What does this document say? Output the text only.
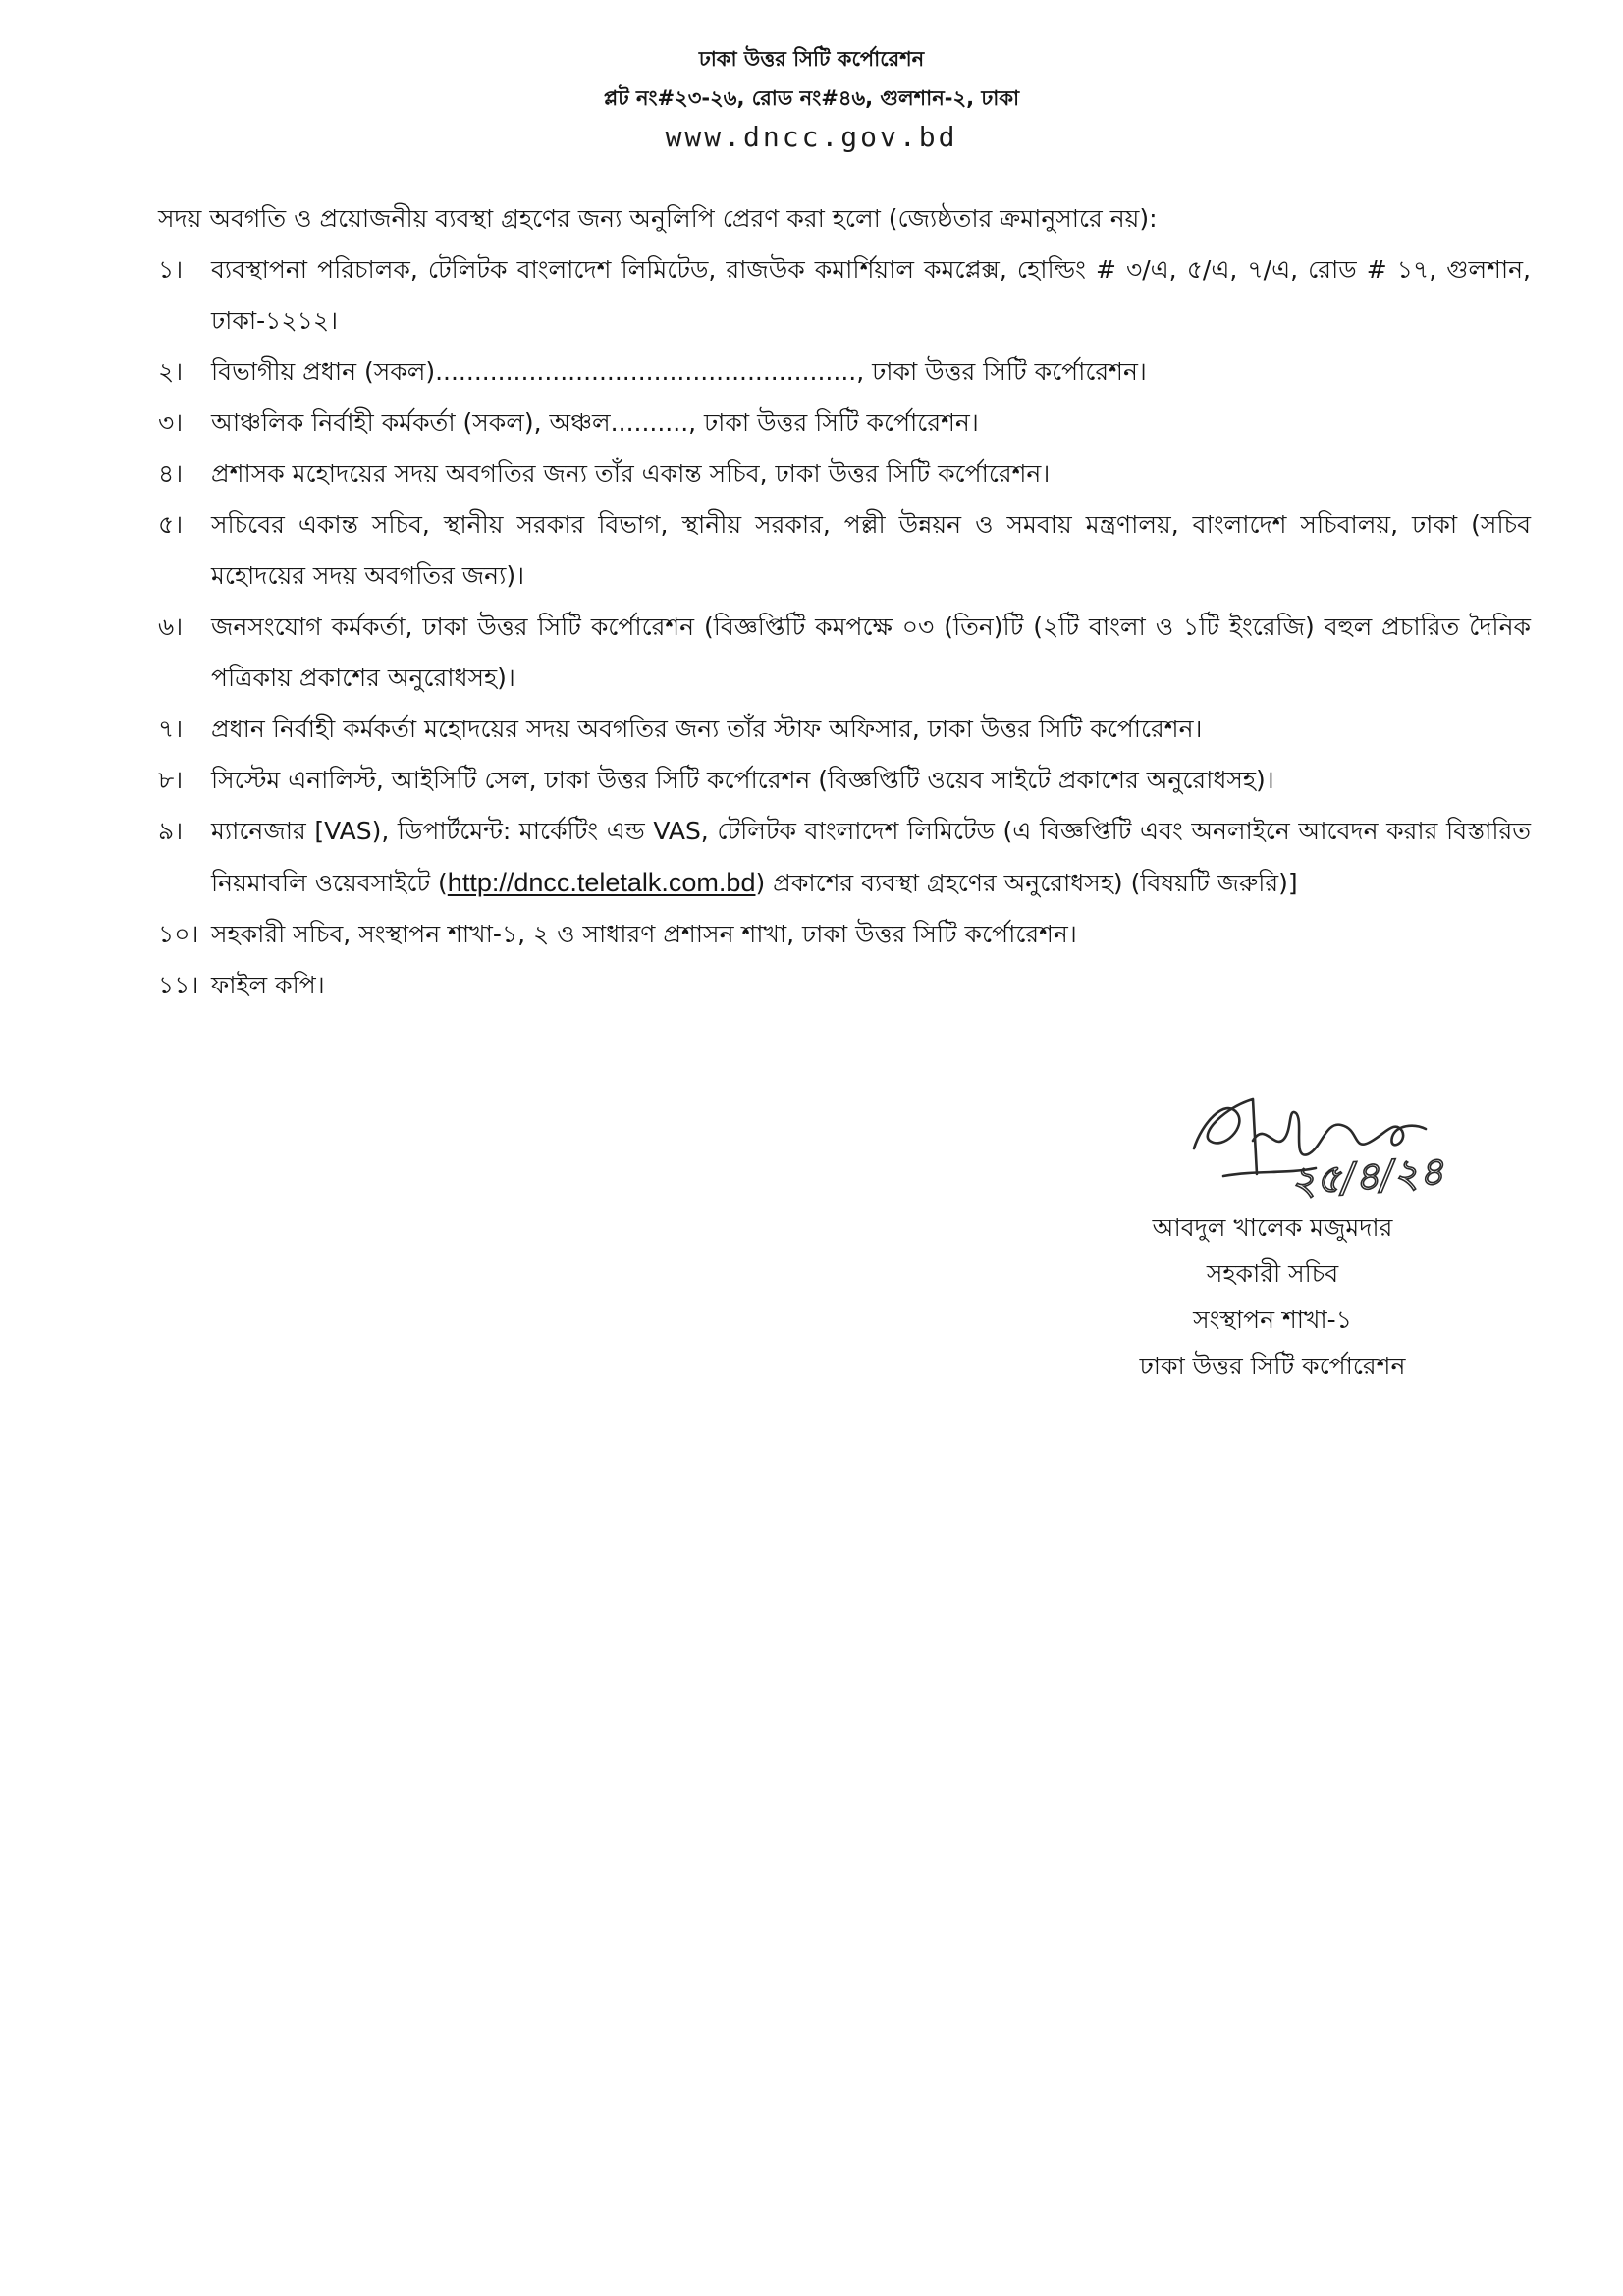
ঢাকা উত্তর সিটি কর্পোরেশন
প্লট নং#২৩-২৬, রোড নং#৪৬, গুলশান-২, ঢাকা
www.dncc.gov.bd
সদয় অবগতি ও প্রয়োজনীয় ব্যবস্থা গ্রহণের জন্য অনুলিপি প্রেরণ করা হলো (জ্যেষ্ঠতার ক্রমানুসারে নয়):
১।	ব্যবস্থাপনা পরিচালক, টেলিটক বাংলাদেশ লিমিটেড, রাজউক কমার্শিয়াল কমপ্লেক্স, হোল্ডিং # ৩/এ, ৫/এ, ৭/এ, রোড # ১৭, গুলশান, ঢাকা-১২১২।
২।	বিভাগীয় প্রধান (সকল)......................................................, ঢাকা উত্তর সিটি কর্পোরেশন।
৩।	আঞ্চলিক নির্বাহী কর্মকর্তা (সকল), অঞ্চল.........., ঢাকা উত্তর সিটি কর্পোরেশন।
৪।	প্রশাসক মহোদয়ের সদয় অবগতির জন্য তাঁর একান্ত সচিব, ঢাকা উত্তর সিটি কর্পোরেশন।
৫।	সচিবের একান্ত সচিব, স্থানীয় সরকার বিভাগ, স্থানীয় সরকার, পল্লী উন্নয়ন ও সমবায় মন্ত্রণালয়, বাংলাদেশ সচিবালয়, ঢাকা (সচিব মহোদয়ের সদয় অবগতির জন্য)।
৬।	জনসংযোগ কর্মকর্তা, ঢাকা উত্তর সিটি কর্পোরেশন (বিজ্ঞপ্তিটি কমপক্ষে ০৩ (তিন)টি (২টি বাংলা ও ১টি ইংরেজি) বহুল প্রচারিত দৈনিক পত্রিকায় প্রকাশের অনুরোধসহ)।
৭।	প্রধান নির্বাহী কর্মকর্তা মহোদয়ের সদয় অবগতির জন্য তাঁর স্টাফ অফিসার, ঢাকা উত্তর সিটি কর্পোরেশন।
৮।	সিস্টেম এনালিস্ট, আইসিটি সেল, ঢাকা উত্তর সিটি কর্পোরেশন (বিজ্ঞপ্তিটি ওয়েব সাইটে প্রকাশের অনুরোধসহ)।
৯।	ম্যানেজার [VAS), ডিপার্টমেন্ট: মার্কেটিং এন্ড VAS, টেলিটক বাংলাদেশ লিমিটেড (এ বিজ্ঞপ্তিটি এবং অনলাইনে আবেদন করার বিস্তারিত নিয়মাবলি ওয়েবসাইটে (http://dncc.teletalk.com.bd) প্রকাশের ব্যবস্থা গ্রহণের অনুরোধসহ) (বিষয়টি জরুরি)]
১০। সহকারী সচিব, সংস্থাপন শাখা-১, ২ ও সাধারণ প্রশাসন শাখা, ঢাকা উত্তর সিটি কর্পোরেশন।
১১। ফাইল কপি।
২৫/৪/২৪
আবদুল খালেক মজুমদার
সহকারী সচিব
সংস্থাপন শাখা-১
ঢাকা উত্তর সিটি কর্পোরেশন
